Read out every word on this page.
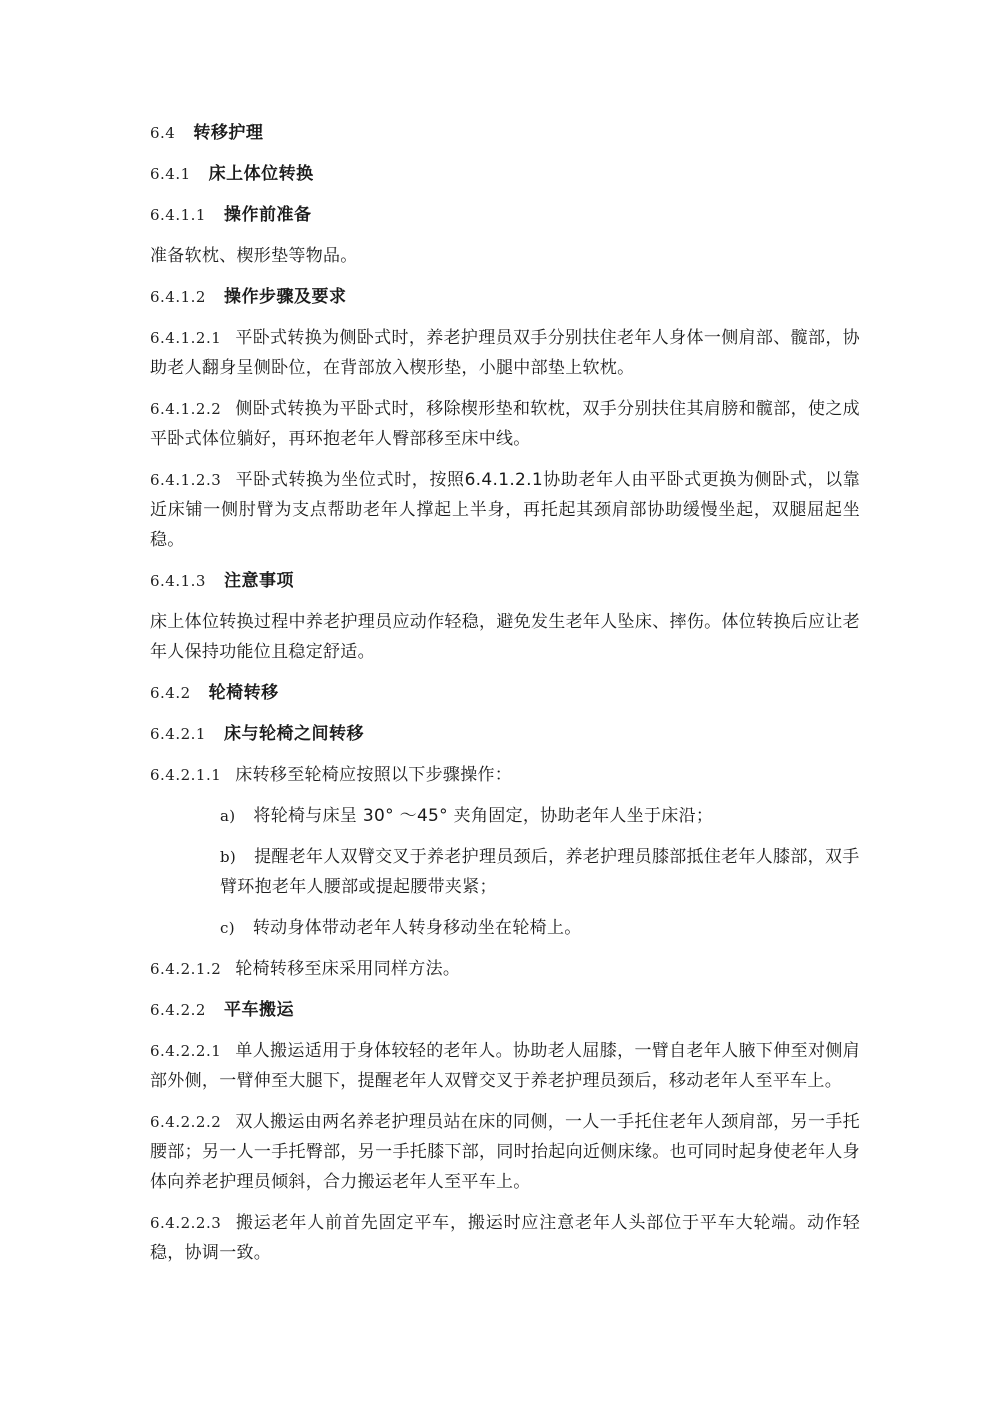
6.4 转移护理
6.4.1 床上体位转换
6.4.1.1 操作前准备
准备软枕、楔形垫等物品。
6.4.1.2 操作步骤及要求
6.4.1.2.1 平卧式转换为侧卧式时，养老护理员双手分别扶住老年人身体一侧肩部、髋部，协助老人翻身呈侧卧位，在背部放入楔形垫，小腿中部垫上软枕。
6.4.1.2.2 侧卧式转换为平卧式时，移除楔形垫和软枕，双手分别扶住其肩膀和髋部，使之成平卧式体位躺好，再环抱老年人臀部移至床中线。
6.4.1.2.3 平卧式转换为坐位式时，按照6.4.1.2.1协助老年人由平卧式更换为侧卧式，以靠近床铺一侧肘臂为支点帮助老年人撑起上半身，再托起其颈肩部协助缓慢坐起，双腿屈起坐稳。
6.4.1.3 注意事项
床上体位转换过程中养老护理员应动作轻稳，避免发生老年人坠床、摔伤。体位转换后应让老年人保持功能位且稳定舒适。
6.4.2 轮椅转移
6.4.2.1 床与轮椅之间转移
6.4.2.1.1 床转移至轮椅应按照以下步骤操作：
a) 将轮椅与床呈 30° ～45° 夹角固定，协助老年人坐于床沿；
b) 提醒老年人双臂交叉于养老护理员颈后，养老护理员膝部抵住老年人膝部，双手臂环抱老年人腰部或提起腰带夹紧；
c) 转动身体带动老年人转身移动坐在轮椅上。
6.4.2.1.2 轮椅转移至床采用同样方法。
6.4.2.2 平车搬运
6.4.2.2.1 单人搬运适用于身体较轻的老年人。协助老人屈膝，一臂自老年人腋下伸至对侧肩部外侧，一臂伸至大腿下，提醒老年人双臂交叉于养老护理员颈后，移动老年人至平车上。
6.4.2.2.2 双人搬运由两名养老护理员站在床的同侧，一人一手托住老年人颈肩部，另一手托腰部；另一人一手托臀部，另一手托膝下部，同时抬起向近侧床缘。也可同时起身使老年人身体向养老护理员倾斜，合力搬运老年人至平车上。
6.4.2.2.3 搬运老年人前首先固定平车，搬运时应注意老年人头部位于平车大轮端。动作轻稳，协调一致。
